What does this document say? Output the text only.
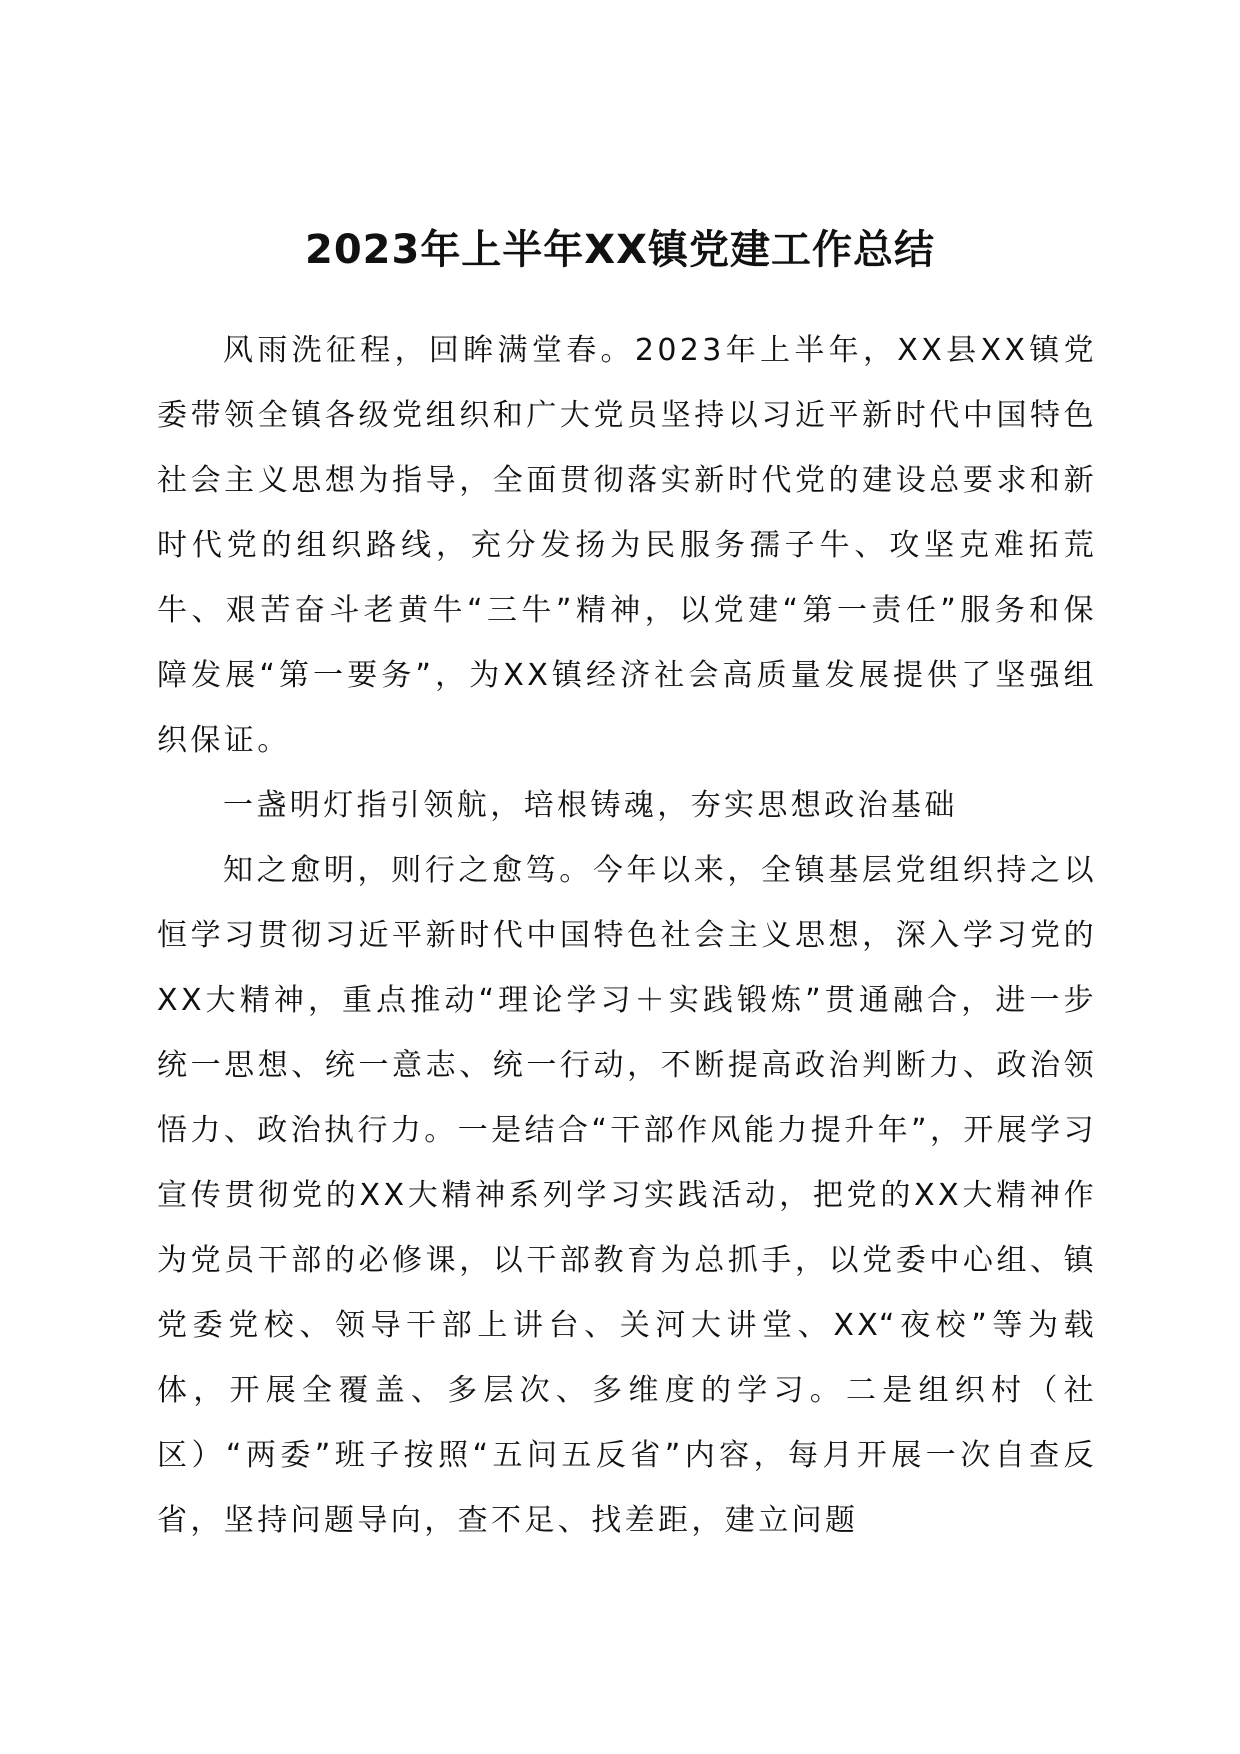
2023年上半年XX镇党建工作总结

风雨洗征程，回眸满堂春。2023年上半年，XX县XX镇党委带领全镇各级党组织和广大党员坚持以习近平新时代中国特色社会主义思想为指导，全面贯彻落实新时代党的建设总要求和新时代党的组织路线，充分发扬为民服务孺子牛、攻坚克难拓荒牛、艰苦奋斗老黄牛“三牛”精神，以党建“第一责任”服务和保障发展“第一要务”，为XX镇经济社会高质量发展提供了坚强组织保证。

一盏明灯指引领航，培根铸魂，夯实思想政治基础

知之愈明，则行之愈笃。今年以来，全镇基层党组织持之以恒学习贯彻习近平新时代中国特色社会主义思想，深入学习党的XX大精神，重点推动“理论学习＋实践锻炼”贯通融合，进一步统一思想、统一意志、统一行动，不断提高政治判断力、政治领悟力、政治执行力。一是结合“干部作风能力提升年”，开展学习宣传贯彻党的XX大精神系列学习实践活动，把党的XX大精神作为党员干部的必修课，以干部教育为总抓手，以党委中心组、镇党委党校、领导干部上讲台、关河大讲堂、XX“夜校”等为载体，开展全覆盖、多层次、多维度的学习。二是组织村（社区）“两委”班子按照“五问五反省”内容，每月开展一次自查反省，坚持问题导向，查不足、找差距，建立问题
